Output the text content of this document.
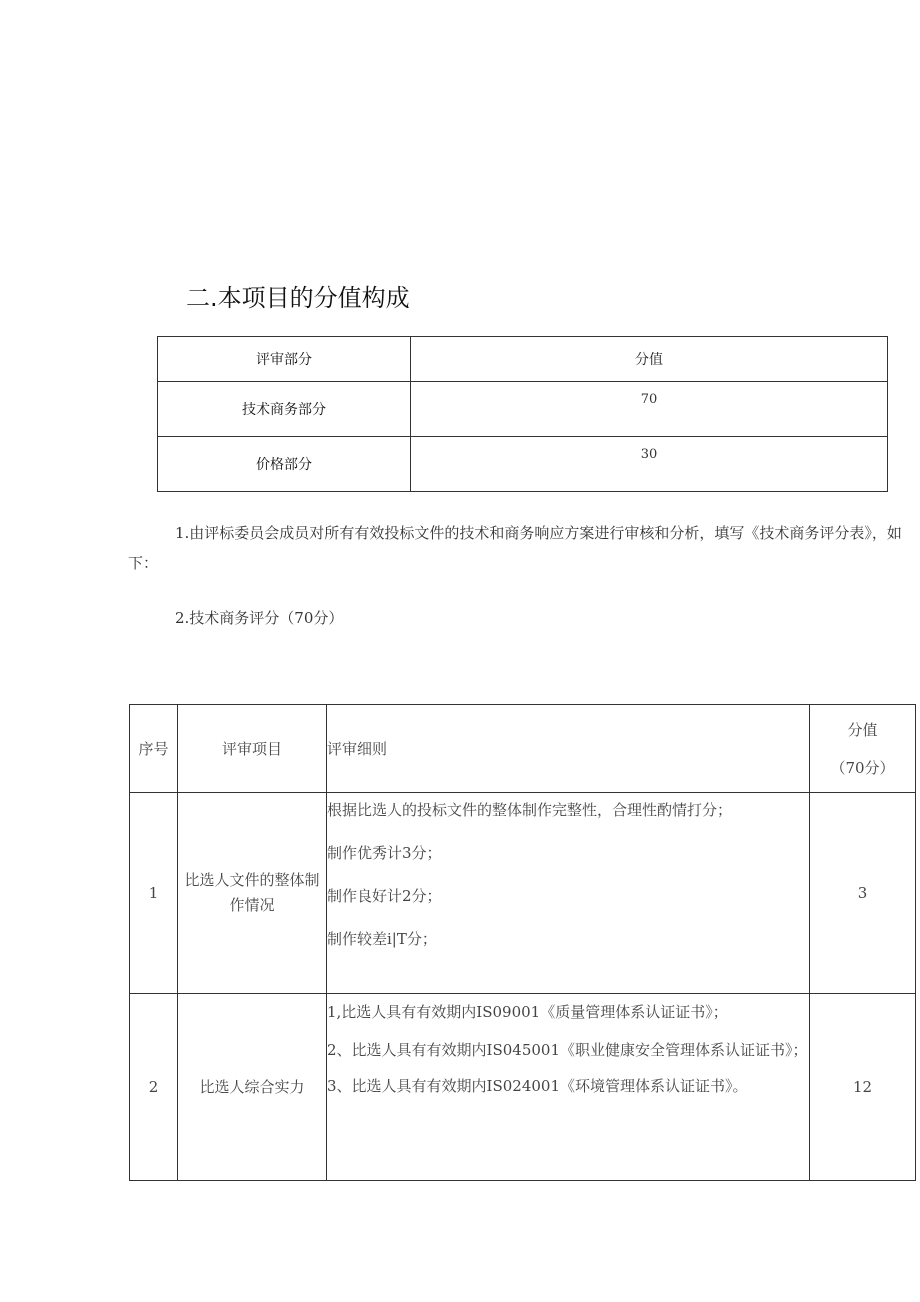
二.本项目的分值构成
评审部分	分值
技术商务部分	70
价格部分	30
1.由评标委员会成员对所有有效投标文件的技术和商务响应方案进行审核和分析，填写《技术商务评分表》，如下：
2.技术商务评分（70分）
序号	评审项目	评审细则	分值
（70分）

1	比选人文件的整体制作情况	根据比选人的投标文件的整体制作完整性，合理性酌情打分；
制作优秀计3分；
制作良好计2分；
制作较差i|T分；	3
2	比选人综合实力	1,比选人具有有效期内IS09001《质量管理体系认证证书》；
2、比选人具有有效期内IS045001《职业健康安全管理体系认证证书》；
3、比选人具有有效期内IS024001《环境管理体系认证证书》。	12
